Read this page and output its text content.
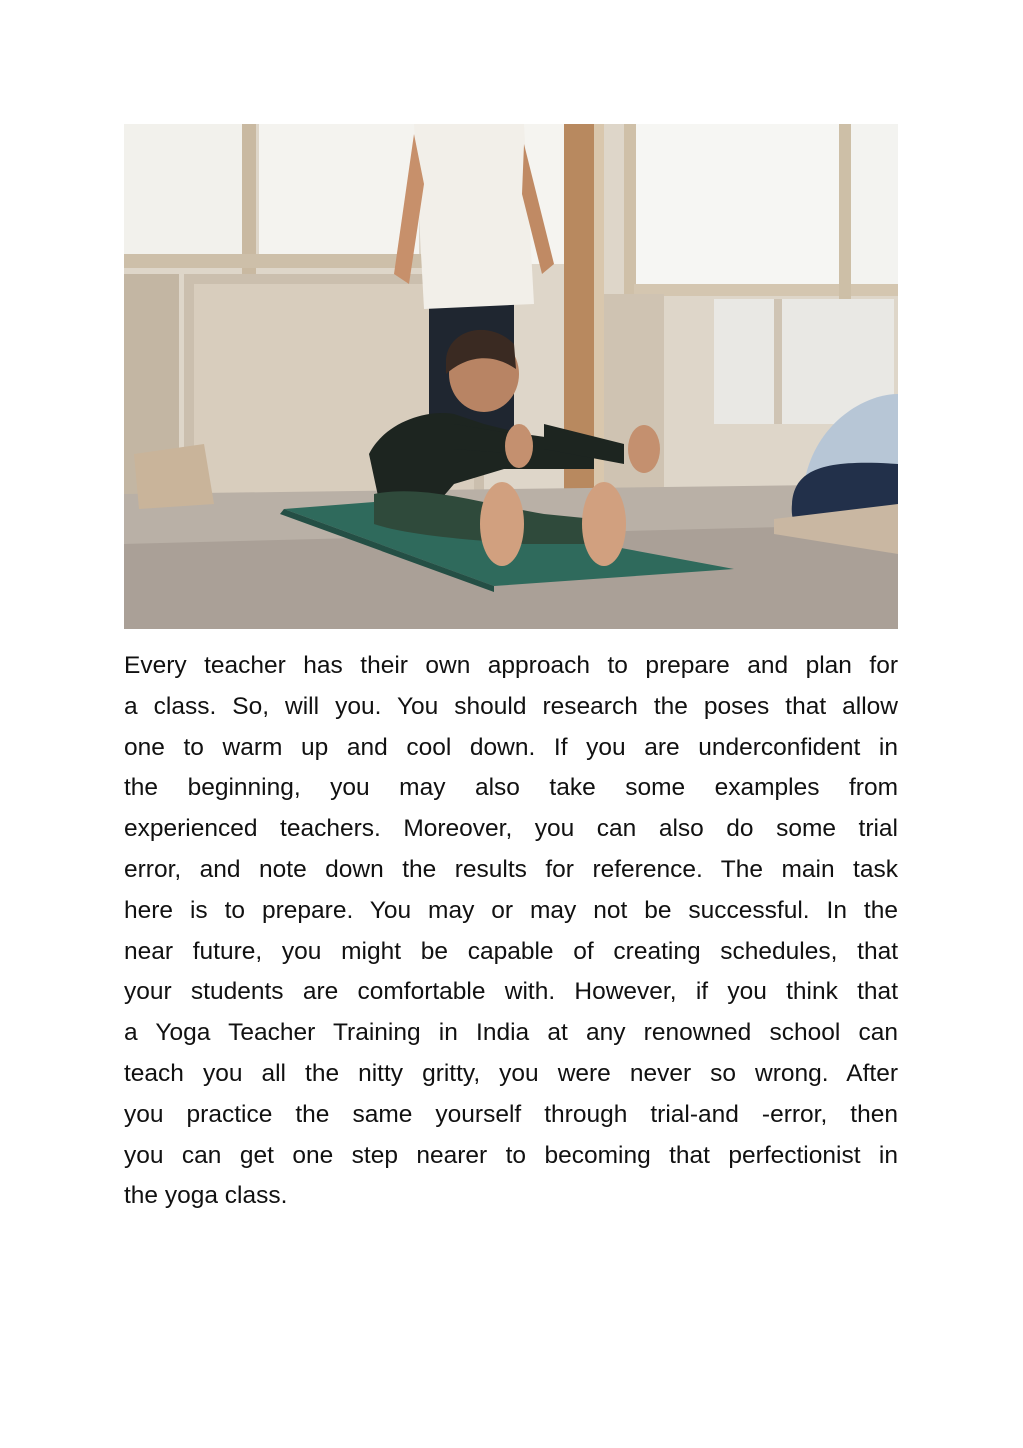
Every teacher has their own approach to prepare and plan for
a class. So, will you. You should research the poses that allow
one to warm up and cool down. If you are underconfident in
the beginning, you may also take some examples from
experienced teachers. Moreover, you can also do some trial
error, and note down the results for reference. The main task
here is to prepare. You may or may not be successful. In the
near future, you might be capable of creating schedules, that
your students are comfortable with. However, if you think that
a Yoga Teacher Training in India at any renowned school can
teach you all the nitty gritty, you were never so wrong. After
you practice the same yourself through trial-and -error, then
you can get one step nearer to becoming that perfectionist in
the yoga class.
